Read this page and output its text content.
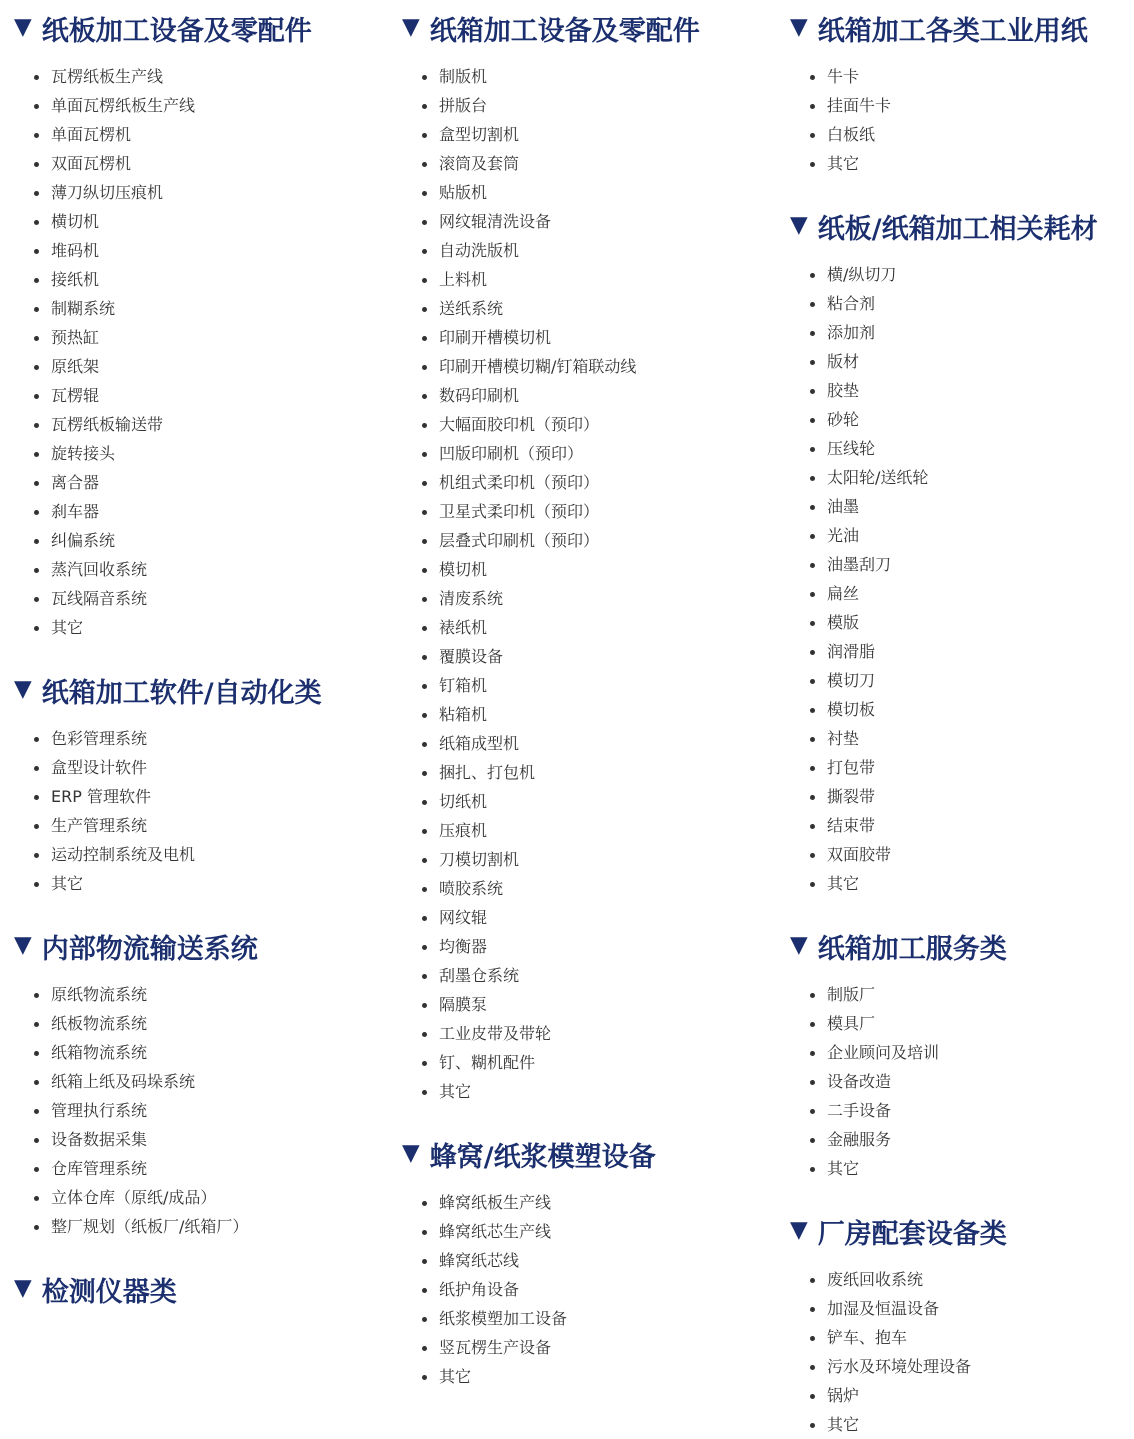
▼ 纸板加工设备及零配件
瓦楞纸板生产线
单面瓦楞纸板生产线
单面瓦楞机
双面瓦楞机
薄刀纵切压痕机
横切机
堆码机
接纸机
制糊系统
预热缸
原纸架
瓦楞辊
瓦楞纸板输送带
旋转接头
离合器
刹车器
纠偏系统
蒸汽回收系统
瓦线隔音系统
其它
▼ 纸箱加工软件/自动化类
色彩管理系统
盒型设计软件
ERP 管理软件
生产管理系统
运动控制系统及电机
其它
▼ 内部物流输送系统
原纸物流系统
纸板物流系统
纸箱物流系统
纸箱上纸及码垛系统
管理执行系统
设备数据采集
仓库管理系统
立体仓库（原纸/成品）
整厂规划（纸板厂/纸箱厂）
▼ 检测仪器类
▼ 纸箱加工设备及零配件
制版机
拼版台
盒型切割机
滚筒及套筒
贴版机
网纹辊清洗设备
自动洗版机
上料机
送纸系统
印刷开槽模切机
印刷开槽模切糊/钉箱联动线
数码印刷机
大幅面胶印机（预印）
凹版印刷机（预印）
机组式柔印机（预印）
卫星式柔印机（预印）
层叠式印刷机（预印）
模切机
清废系统
裱纸机
覆膜设备
钉箱机
粘箱机
纸箱成型机
捆扎、打包机
切纸机
压痕机
刀模切割机
喷胶系统
网纹辊
均衡器
刮墨仓系统
隔膜泵
工业皮带及带轮
钉、糊机配件
其它
▼ 蜂窝/纸浆模塑设备
蜂窝纸板生产线
蜂窝纸芯生产线
蜂窝纸芯线
纸护角设备
纸浆模塑加工设备
竖瓦楞生产设备
其它
▼ 纸箱加工各类工业用纸
牛卡
挂面牛卡
白板纸
其它
▼ 纸板/纸箱加工相关耗材
横/纵切刀
粘合剂
添加剂
版材
胶垫
砂轮
压线轮
太阳轮/送纸轮
油墨
光油
油墨刮刀
扁丝
模版
润滑脂
模切刀
模切板
衬垫
打包带
撕裂带
结束带
双面胶带
其它
▼ 纸箱加工服务类
制版厂
模具厂
企业顾问及培训
设备改造
二手设备
金融服务
其它
▼ 厂房配套设备类
废纸回收系统
加湿及恒温设备
铲车、抱车
污水及环境处理设备
锅炉
其它
